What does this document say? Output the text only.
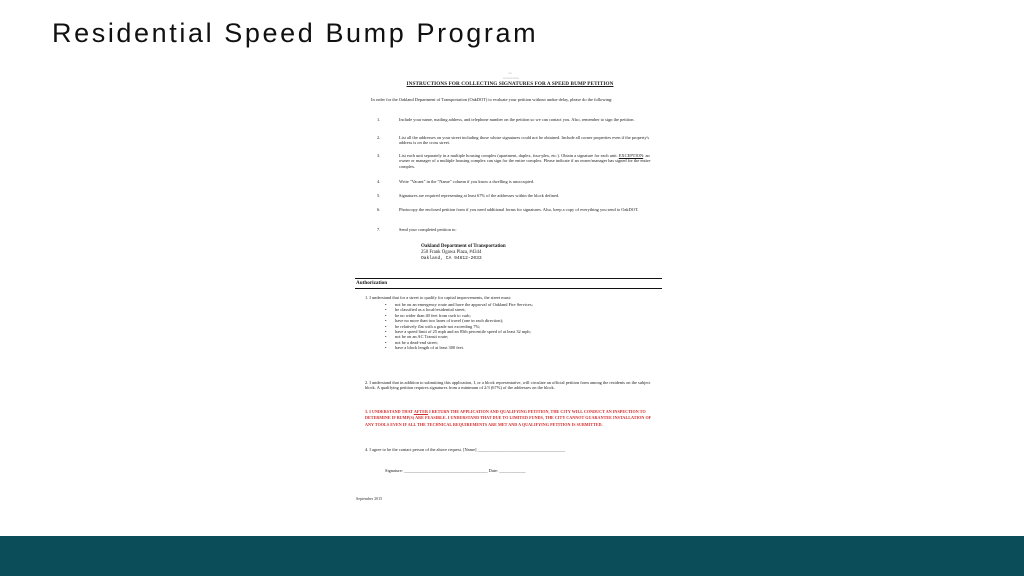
Residential Speed Bump Program
▪▪▪
▪▪▪▪▪▪▪▪▪▪▪▪▪▪▪
INSTRUCTIONS FOR COLLECTING SIGNATURES FOR A SPEED BUMP PETITION
In order for the Oakland Department of Transportation (OakDOT) to evaluate your petition without undue delay, please do the following:
1.	Include your name, mailing address, and telephone number on the petition so we can contact you. Also, remember to sign the petition.
2.	List all the addresses on your street including those whose signatures could not be obtained. Include all corner properties even if the property's address is on the cross street.
3.	List each unit separately in a multiple housing complex (apartment, duplex, four-plex, etc.). Obtain a signature for each unit. EXCEPTION: an owner or manager of a multiple housing complex can sign for the entire complex. Please indicate if an owner/manager has signed for the entire complex.
4.	Write "Vacant" in the "Name" column if you know a dwelling is unoccupied.
5.	Signatures are required representing at least 67% of the addresses within the block defined.
6.	Photocopy the enclosed petition form if you need additional forms for signatures. Also, keep a copy of everything you send to OakDOT.
7.	Send your completed petition to:
Oakland Department of Transportation
250 Frank Ogawa Plaza, #4344
Oakland, CA 94612-2033
Authorization
1. I understand that for a street to qualify for capital improvements, the street must:
• not be on an emergency route and have the approval of Oakland Fire Services;
• be classified as a local/residential street;
• be no wider than 40 feet from curb to curb;
• have no more than two lanes of travel (one in each direction);
• be relatively flat with a grade not exceeding 7%;
• have a speed limit of 25 mph and an 85th percentile speed of at least 32 mph;
• not be on an AC Transit route;
• not be a dead-end street;
• have a block length of at least 300 feet.
2. I understand that in addition to submitting this application, I, or a block representative, will circulate an official petition form among the residents on the subject block. A qualifying petition requires signatures from a minimum of 2/3 (67%) of the addresses on the block.
3. I UNDERSTAND THAT AFTER I RETURN THE APPLICATION AND QUALIFYING PETITION, THE CITY WILL CONDUCT AN INSPECTION TO DETERMINE IF BUMP(S) ARE FEASIBLE. I UNDERSTAND THAT DUE TO LIMITED FUNDS, THE CITY CANNOT GUARANTEE INSTALLATION OF ANY TOOLS EVEN IF ALL THE TECHNICAL REQUIREMENTS ARE MET AND A QUALIFYING PETITION IS SUBMITTED.
4. I agree to be the contact person of the above request. [Name] ________________________________________
Signature: ______________________________________ Date: ____________
September 2015
